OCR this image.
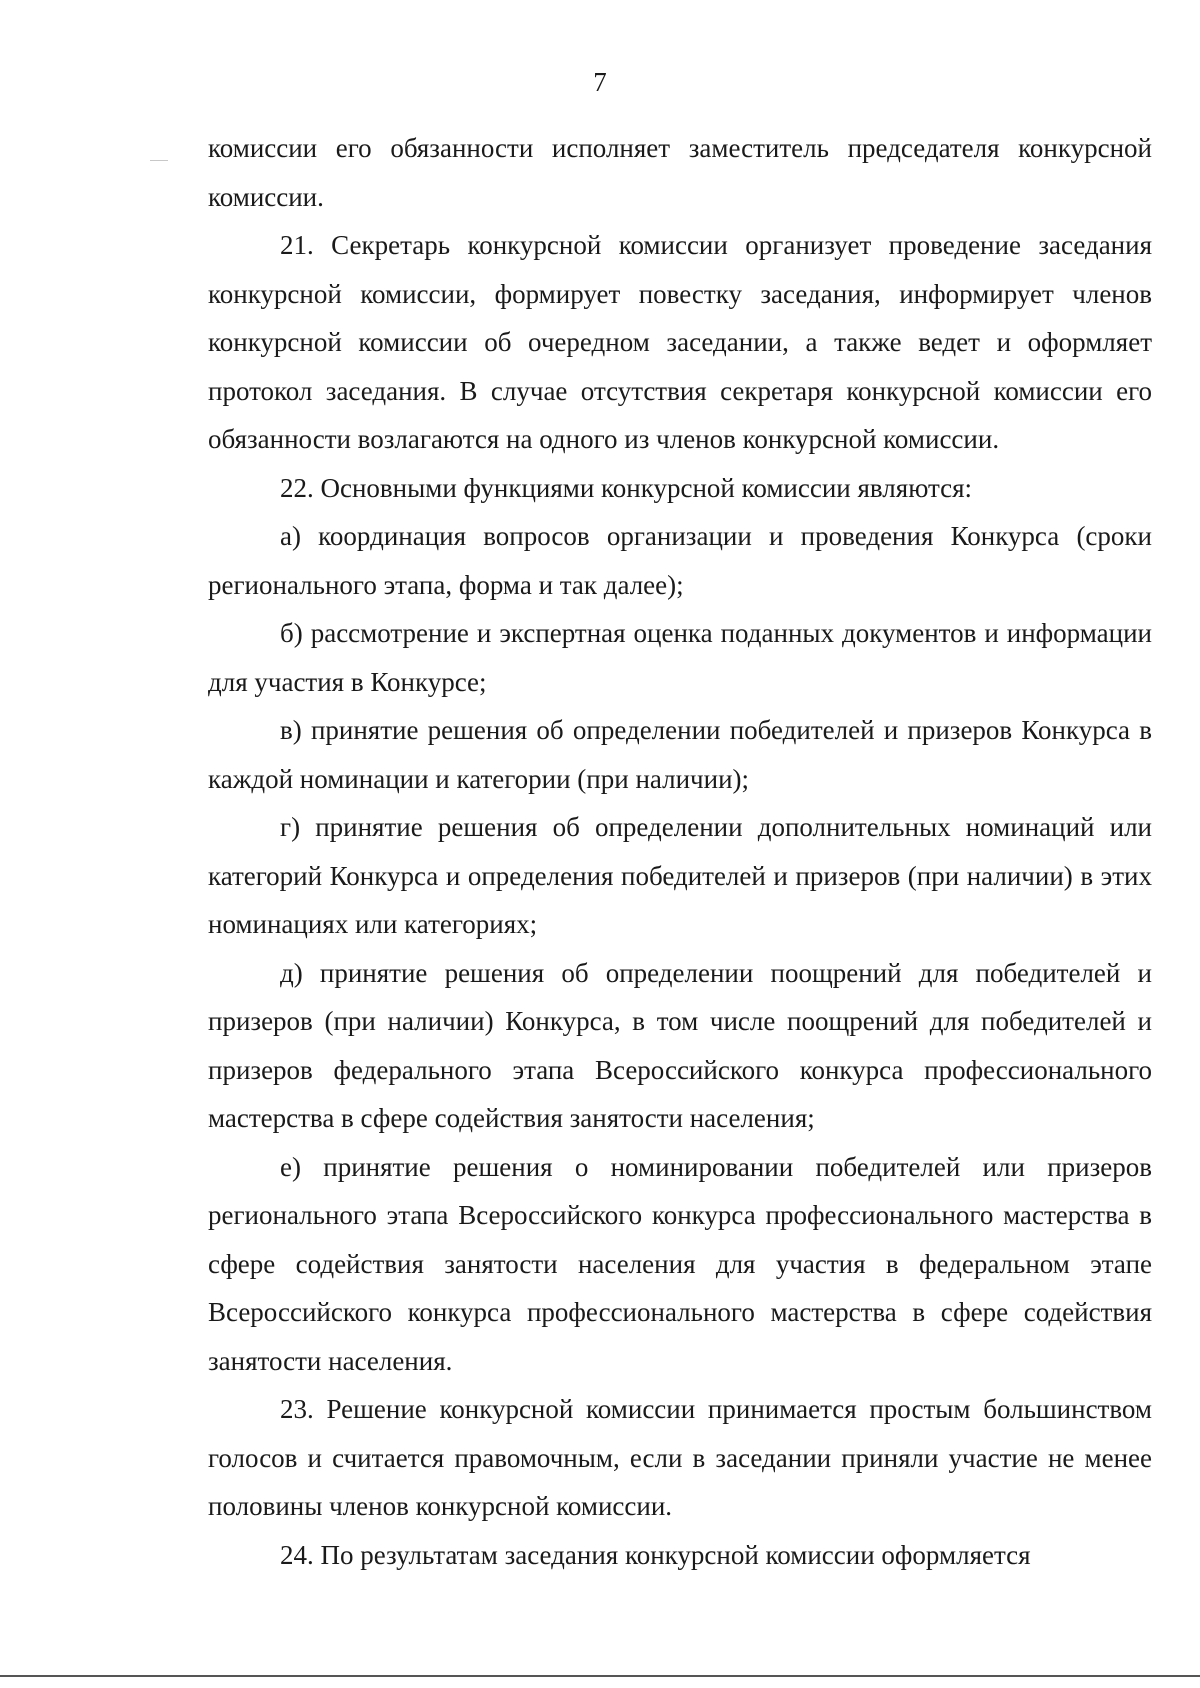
7

комиссии его обязанности исполняет заместитель председателя конкурсной комиссии.

21. Секретарь конкурсной комиссии организует проведение заседания конкурсной комиссии, формирует повестку заседания, информирует членов конкурсной комиссии об очередном заседании, а также ведет и оформляет протокол заседания. В случае отсутствия секретаря конкурсной комиссии его обязанности возлагаются на одного из членов конкурсной комиссии.

22. Основными функциями конкурсной комиссии являются:

а) координация вопросов организации и проведения Конкурса (сроки регионального этапа, форма и так далее);

б) рассмотрение и экспертная оценка поданных документов и информации для участия в Конкурсе;

в) принятие решения об определении победителей и призеров Конкурса в каждой номинации и категории (при наличии);

г) принятие решения об определении дополнительных номинаций или категорий Конкурса и определения победителей и призеров (при наличии) в этих номинациях или категориях;

д) принятие решения об определении поощрений для победителей и призеров (при наличии) Конкурса, в том числе поощрений для победителей и призеров федерального этапа Всероссийского конкурса профессионального мастерства в сфере содействия занятости населения;

е) принятие решения о номинировании победителей или призеров регионального этапа Всероссийского конкурса профессионального мастерства в сфере содействия занятости населения для участия в федеральном этапе Всероссийского конкурса профессионального мастерства в сфере содействия занятости населения.

23. Решение конкурсной комиссии принимается простым большинством голосов и считается правомочным, если в заседании приняли участие не менее половины членов конкурсной комиссии.

24. По результатам заседания конкурсной комиссии оформляется
